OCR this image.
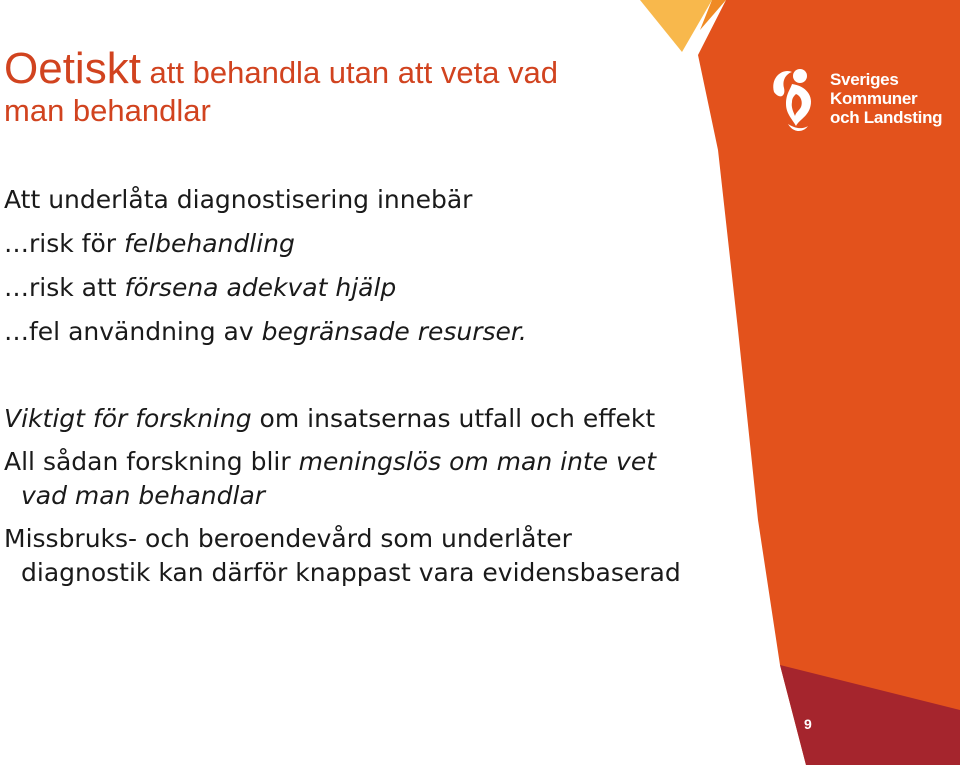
Oetiskt att behandla utan att veta vad man behandlar
Att underlåta diagnostisering innebär
…risk för felbehandling
…risk att försena adekvat hjälp
…fel användning av begränsade resurser.

Viktigt för forskning om insatsernas utfall och effekt

All sådan forskning blir meningslös om man inte vet vad man behandlar

Missbruks- och beroendevård som underlåter diagnostik kan därför knappast vara evidensbaserad

Sveriges
Kommuner
och Landsting
9
